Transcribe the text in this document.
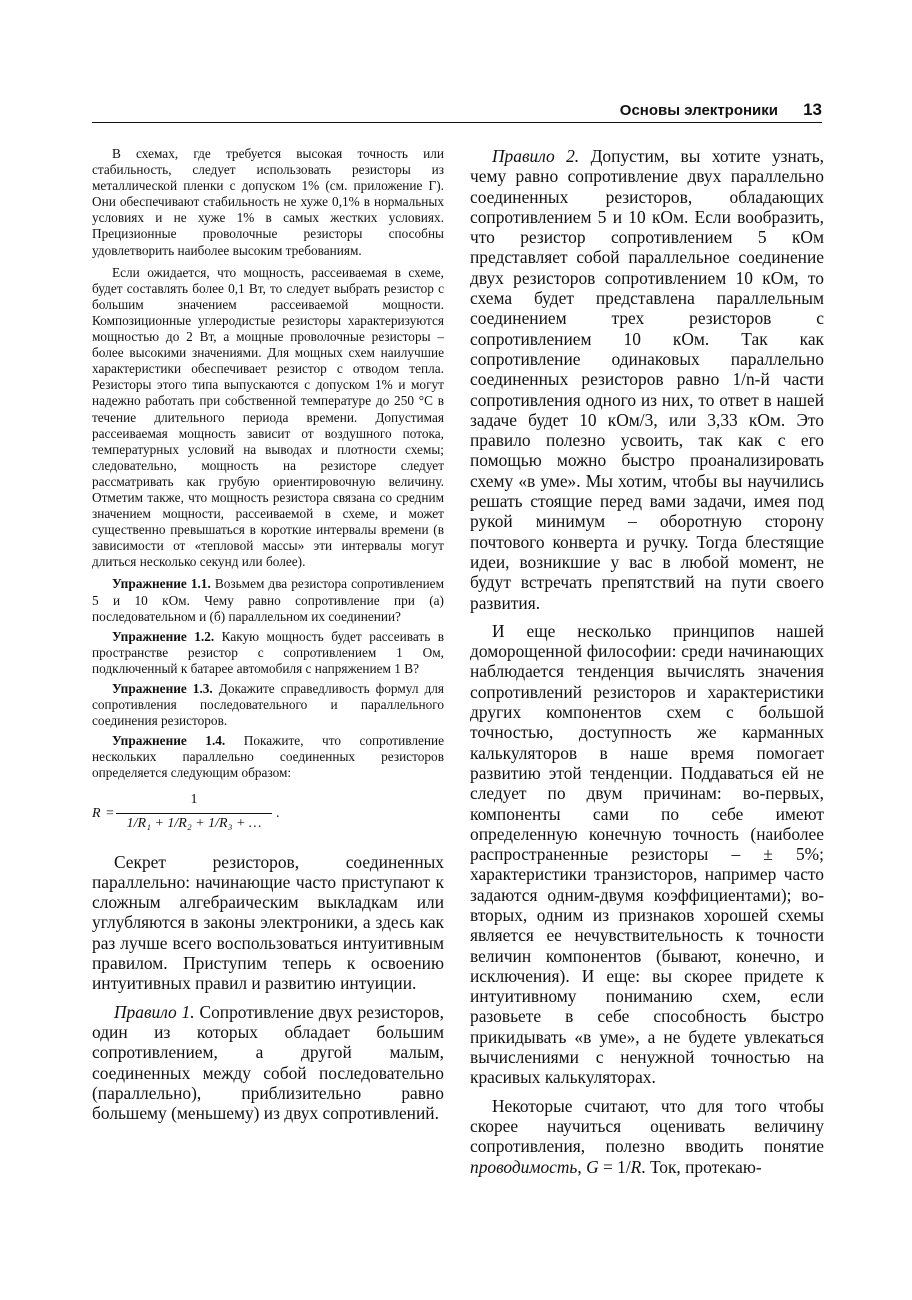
Основы электроники 13

В схемах, где требуется высокая точность или стабильность, следует использовать резисторы из металлической пленки с допуском 1% (см. приложение Г). Они обеспечивают стабильность не хуже 0,1% в нормальных условиях и не хуже 1% в самых жестких условиях. Прецизионные проволочные резисторы способны удовлетворить наиболее высоким требованиям.

Если ожидается, что мощность, рассеиваемая в схеме, будет составлять более 0,1 Вт, то следует выбрать резистор с большим значением рассеиваемой мощности. Композиционные углеродистые резисторы характеризуются мощностью до 2 Вт, а мощные проволочные резисторы – более высокими значениями. Для мощных схем наилучшие характеристики обеспечивает резистор с отводом тепла. Резисторы этого типа выпускаются с допуском 1% и могут надежно работать при собственной температуре до 250 °С в течение длительного периода времени. Допустимая рассеиваемая мощность зависит от воздушного потока, температурных условий на выводах и плотности схемы; следовательно, мощность на резисторе следует рассматривать как грубую ориентировочную величину. Отметим также, что мощность резистора связана со средним значением мощности, рассеиваемой в схеме, и может существенно превышаться в короткие интервалы времени (в зависимости от «тепловой массы» эти интервалы могут длиться несколько секунд или более).

Упражнение 1.1. Возьмем два резистора сопротивлением 5 и 10 кОм. Чему равно сопротивление при (а) последовательном и (б) параллельном их соединении?

Упражнение 1.2. Какую мощность будет рассеивать в пространстве резистор с сопротивлением 1 Ом, подключенный к батарее автомобиля с напряжением 1 В?

Упражнение 1.3. Докажите справедливость формул для сопротивления последовательного и параллельного соединения резисторов.

Упражнение 1.4. Покажите, что сопротивление нескольких параллельно соединенных резисторов определяется следующим образом:

R =
1
1/R₁ + 1/R₂ + 1/R₃ + …
.

Секрет резисторов, соединенных параллельно: начинающие часто приступают к сложным алгебраическим выкладкам или углубляются в законы электроники, а здесь как раз лучше всего воспользоваться интуитивным правилом. Приступим теперь к освоению интуитивных правил и развитию интуиции.

Правило 1. Сопротивление двух резисторов, один из которых обладает большим сопротивлением, а другой малым, соединенных между собой последовательно (параллельно), приблизительно равно большему (меньшему) из двух сопротивлений.

Правило 2. Допустим, вы хотите узнать, чему равно сопротивление двух параллельно соединенных резисторов, обладающих сопротивлением 5 и 10 кОм. Если вообразить, что резистор сопротивлением 5 кОм представляет собой параллельное соединение двух резисторов сопротивлением 10 кОм, то схема будет представлена параллельным соединением трех резисторов с сопротивлением 10 кОм. Так как сопротивление одинаковых параллельно соединенных резисторов равно 1/n-й части сопротивления одного из них, то ответ в нашей задаче будет 10 кОм/3, или 3,33 кОм. Это правило полезно усвоить, так как с его помощью можно быстро проанализировать схему «в уме». Мы хотим, чтобы вы научились решать стоящие перед вами задачи, имея под рукой минимум – оборотную сторону почтового конверта и ручку. Тогда блестящие идеи, возникшие у вас в любой момент, не будут встречать препятствий на пути своего развития.

И еще несколько принципов нашей доморощенной философии: среди начинающих наблюдается тенденция вычислять значения сопротивлений резисторов и характеристики других компонентов схем с большой точностью, доступность же карманных калькуляторов в наше время помогает развитию этой тенденции. Поддаваться ей не следует по двум причинам: во-первых, компоненты сами по себе имеют определенную конечную точность (наиболее распространенные резисторы – ± 5%; характеристики транзисторов, например часто задаются одним-двумя коэффициентами); во-вторых, одним из признаков хорошей схемы является ее нечувствительность к точности величин компонентов (бывают, конечно, и исключения). И еще: вы скорее придете к интуитивному пониманию схем, если разовьете в себе способность быстро прикидывать «в уме», а не будете увлекаться вычислениями с ненужной точностью на красивых калькуляторах.

Некоторые считают, что для того чтобы скорее научиться оценивать величину сопротивления, полезно вводить понятие проводимость, G = 1/R. Ток, протекаю-
